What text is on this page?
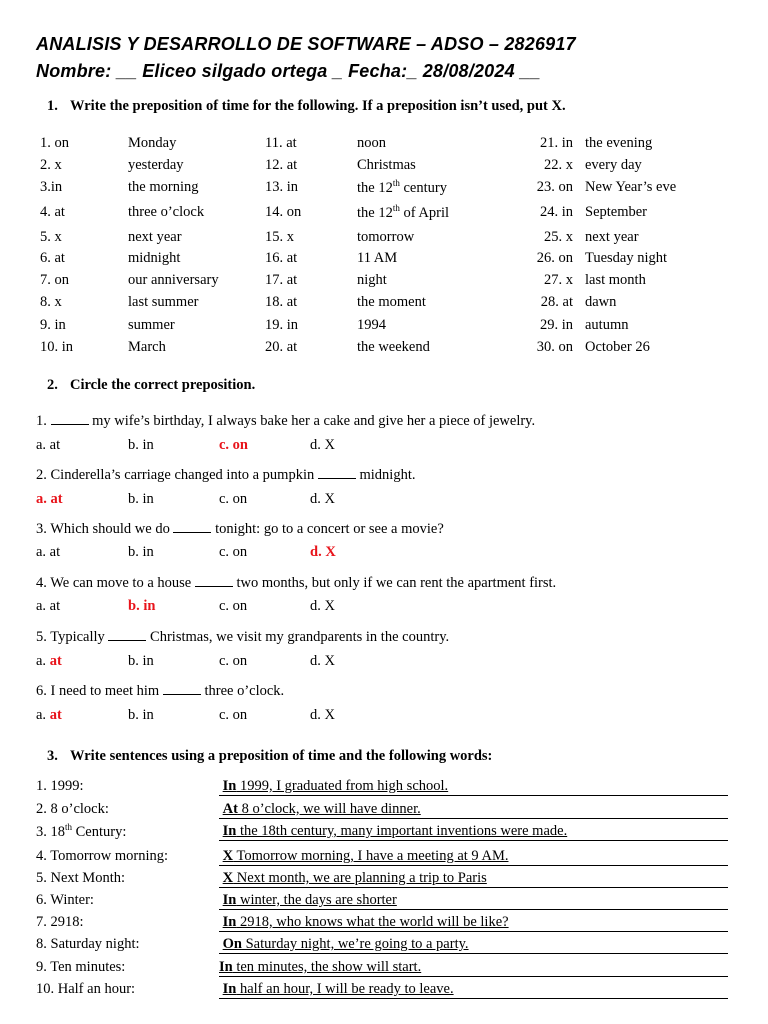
ANALISIS Y DESARROLLO DE SOFTWARE – ADSO – 2826917
Nombre: __ Eliceo silgado ortega _ Fecha:_ 28/08/2024 __
1. Write the preposition of time for the following. If a preposition isn’t used, put X.
1. on	Monday	11. at	noon	21. in the evening
2. x	yesterday	12. at	Christmas	22. x every day
3.in	the morning	13. in	the 12th century	23. on New Year’s eve
4. at	three o’clock	14. on	the 12th of April	24. in September
5. x	next year	15. x	tomorrow	25. x next year
6. at	midnight	16. at	11 AM	26. on Tuesday night
7. on	our anniversary	17. at	night	27. x last month
8. x	last summer	18. at	the moment	28. at dawn
9. in	summer	19. in	1994	29. in autumn
10. in	March	20. at	the weekend	30. on October 26
2. Circle the correct preposition.
1.	my wife’s birthday, I always bake her a cake and give her a piece of jewelry.
a. at	b. in	c. on	d. X
2. Cinderella’s carriage changed into a pumpkin	midnight.
a. at	b. in	c. on	d. X
3. Which should we do	tonight: go to a concert or see a movie?
a. at	b. in	c. on	d. X
4. We can move to a house	two months, but only if we can rent the apartment first.
a. at	b. in	c. on	d. X
5. Typically	Christmas, we visit my grandparents in the country.
a. at	b. in	c. on	d. X
6. I need to meet him	three o’clock.
a. at	b. in	c. on	d. X
3. Write sentences using a preposition of time and the following words:
1. 1999:	In 1999, I graduated from high school.
2. 8 o’clock:	At 8 o’clock, we will have dinner.
3. 18th Century:	In the 18th century, many important inventions were made.
4. Tomorrow morning:	X Tomorrow morning, I have a meeting at 9 AM.
5. Next Month:	X Next month, we are planning a trip to Paris
6. Winter:	In winter, the days are shorter
7. 2918:	In 2918, who knows what the world will be like?
8. Saturday night:	On Saturday night, we’re going to a party.
9. Ten minutes:	In ten minutes, the show will start.
10. Half an hour:	In half an hour, I will be ready to leave.
